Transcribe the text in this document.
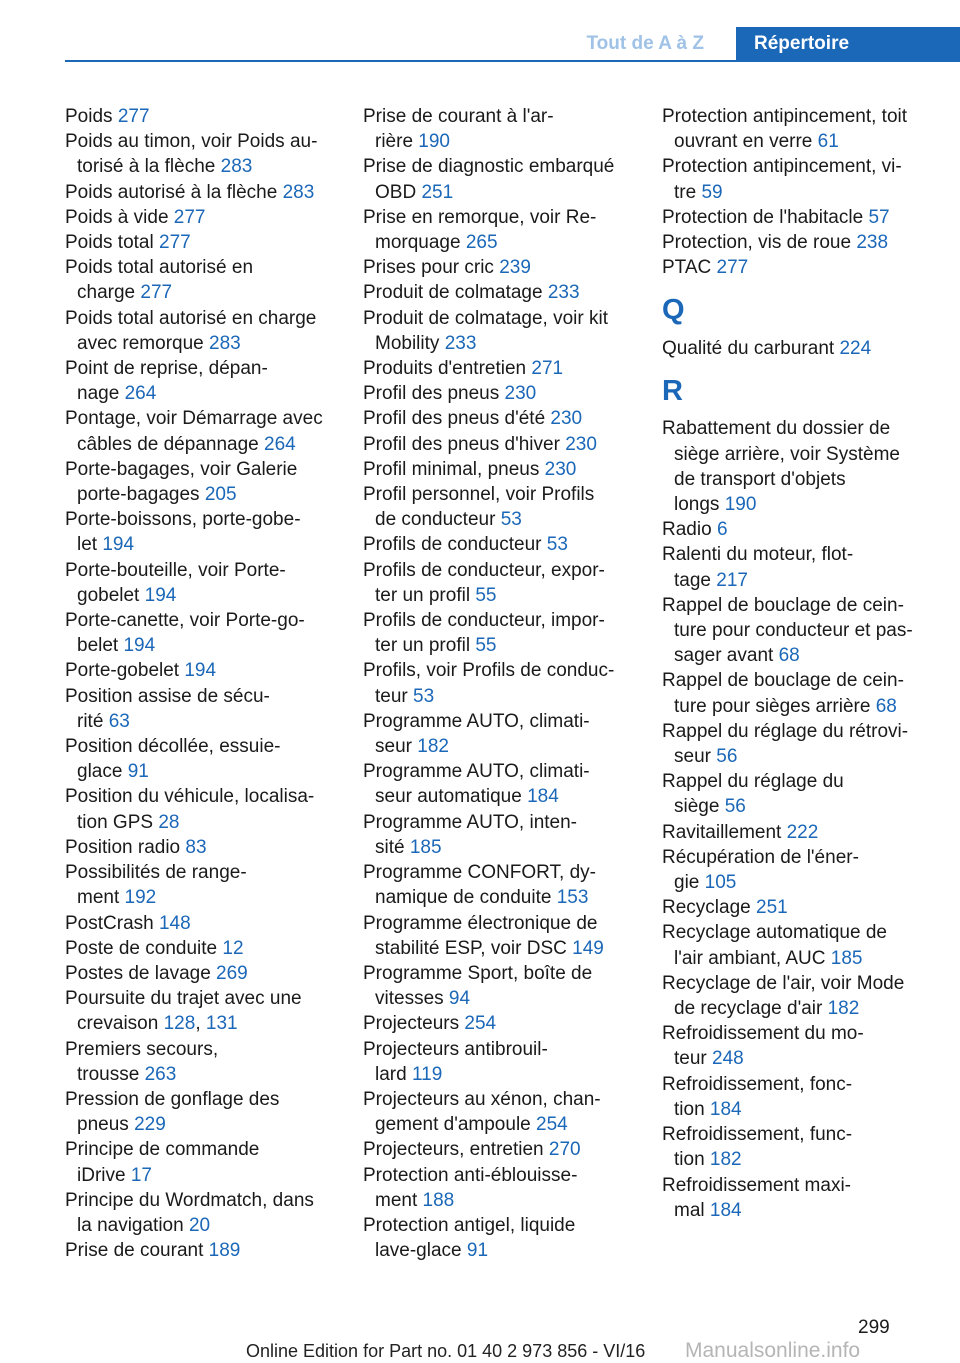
Tout de A à Z	Répertoire
Poids 277
Poids au timon, voir Poids au-
torisé à la flèche 283
Poids autorisé à la flèche 283
Poids à vide 277
Poids total 277
Poids total autorisé en
charge 277
Poids total autorisé en charge
avec remorque 283
Point de reprise, dépan-
nage 264
Pontage, voir Démarrage avec
câbles de dépannage 264
Porte-bagages, voir Galerie
porte-bagages 205
Porte-boissons, porte-gobe-
let 194
Porte-bouteille, voir Porte-
gobelet 194
Porte-canette, voir Porte-go-
belet 194
Porte-gobelet 194
Position assise de sécu-
rité 63
Position décollée, essuie-
glace 91
Position du véhicule, localisa-
tion GPS 28
Position radio 83
Possibilités de range-
ment 192
PostCrash 148
Poste de conduite 12
Postes de lavage 269
Poursuite du trajet avec une
crevaison 128, 131
Premiers secours,
trousse 263
Pression de gonflage des
pneus 229
Principe de commande
iDrive 17
Principe du Wordmatch, dans
la navigation 20
Prise de courant 189
Prise de courant à l'ar-
rière 190
Prise de diagnostic embarqué
OBD 251
Prise en remorque, voir Re-
morquage 265
Prises pour cric 239
Produit de colmatage 233
Produit de colmatage, voir kit
Mobility 233
Produits d'entretien 271
Profil des pneus 230
Profil des pneus d'été 230
Profil des pneus d'hiver 230
Profil minimal, pneus 230
Profil personnel, voir Profils
de conducteur 53
Profils de conducteur 53
Profils de conducteur, expor-
ter un profil 55
Profils de conducteur, impor-
ter un profil 55
Profils, voir Profils de conduc-
teur 53
Programme AUTO, climati-
seur 182
Programme AUTO, climati-
seur automatique 184
Programme AUTO, inten-
sité 185
Programme CONFORT, dy-
namique de conduite 153
Programme électronique de
stabilité ESP, voir DSC 149
Programme Sport, boîte de
vitesses 94
Projecteurs 254
Projecteurs antibrouil-
lard 119
Projecteurs au xénon, chan-
gement d'ampoule 254
Projecteurs, entretien 270
Protection anti-éblouisse-
ment 188
Protection antigel, liquide
lave-glace 91
Protection antipincement, toit
ouvrant en verre 61
Protection antipincement, vi-
tre 59
Protection de l'habitacle 57
Protection, vis de roue 238
PTAC 277
Q
Qualité du carburant 224
R
Rabattement du dossier de
siège arrière, voir Système
de transport d'objets
longs 190
Radio 6
Ralenti du moteur, flot-
tage 217
Rappel de bouclage de cein-
ture pour conducteur et pas-
sager avant 68
Rappel de bouclage de cein-
ture pour sièges arrière 68
Rappel du réglage du rétrovi-
seur 56
Rappel du réglage du
siège 56
Ravitaillement 222
Récupération de l'éner-
gie 105
Recyclage 251
Recyclage automatique de
l'air ambiant, AUC 185
Recyclage de l'air, voir Mode
de recyclage d'air 182
Refroidissement du mo-
teur 248
Refroidissement, fonc-
tion 184
Refroidissement, func-
tion 182
Refroidissement maxi-
mal 184
299
Online Edition for Part no. 01 40 2 973 856 - VI/16 Manualsonline.info
